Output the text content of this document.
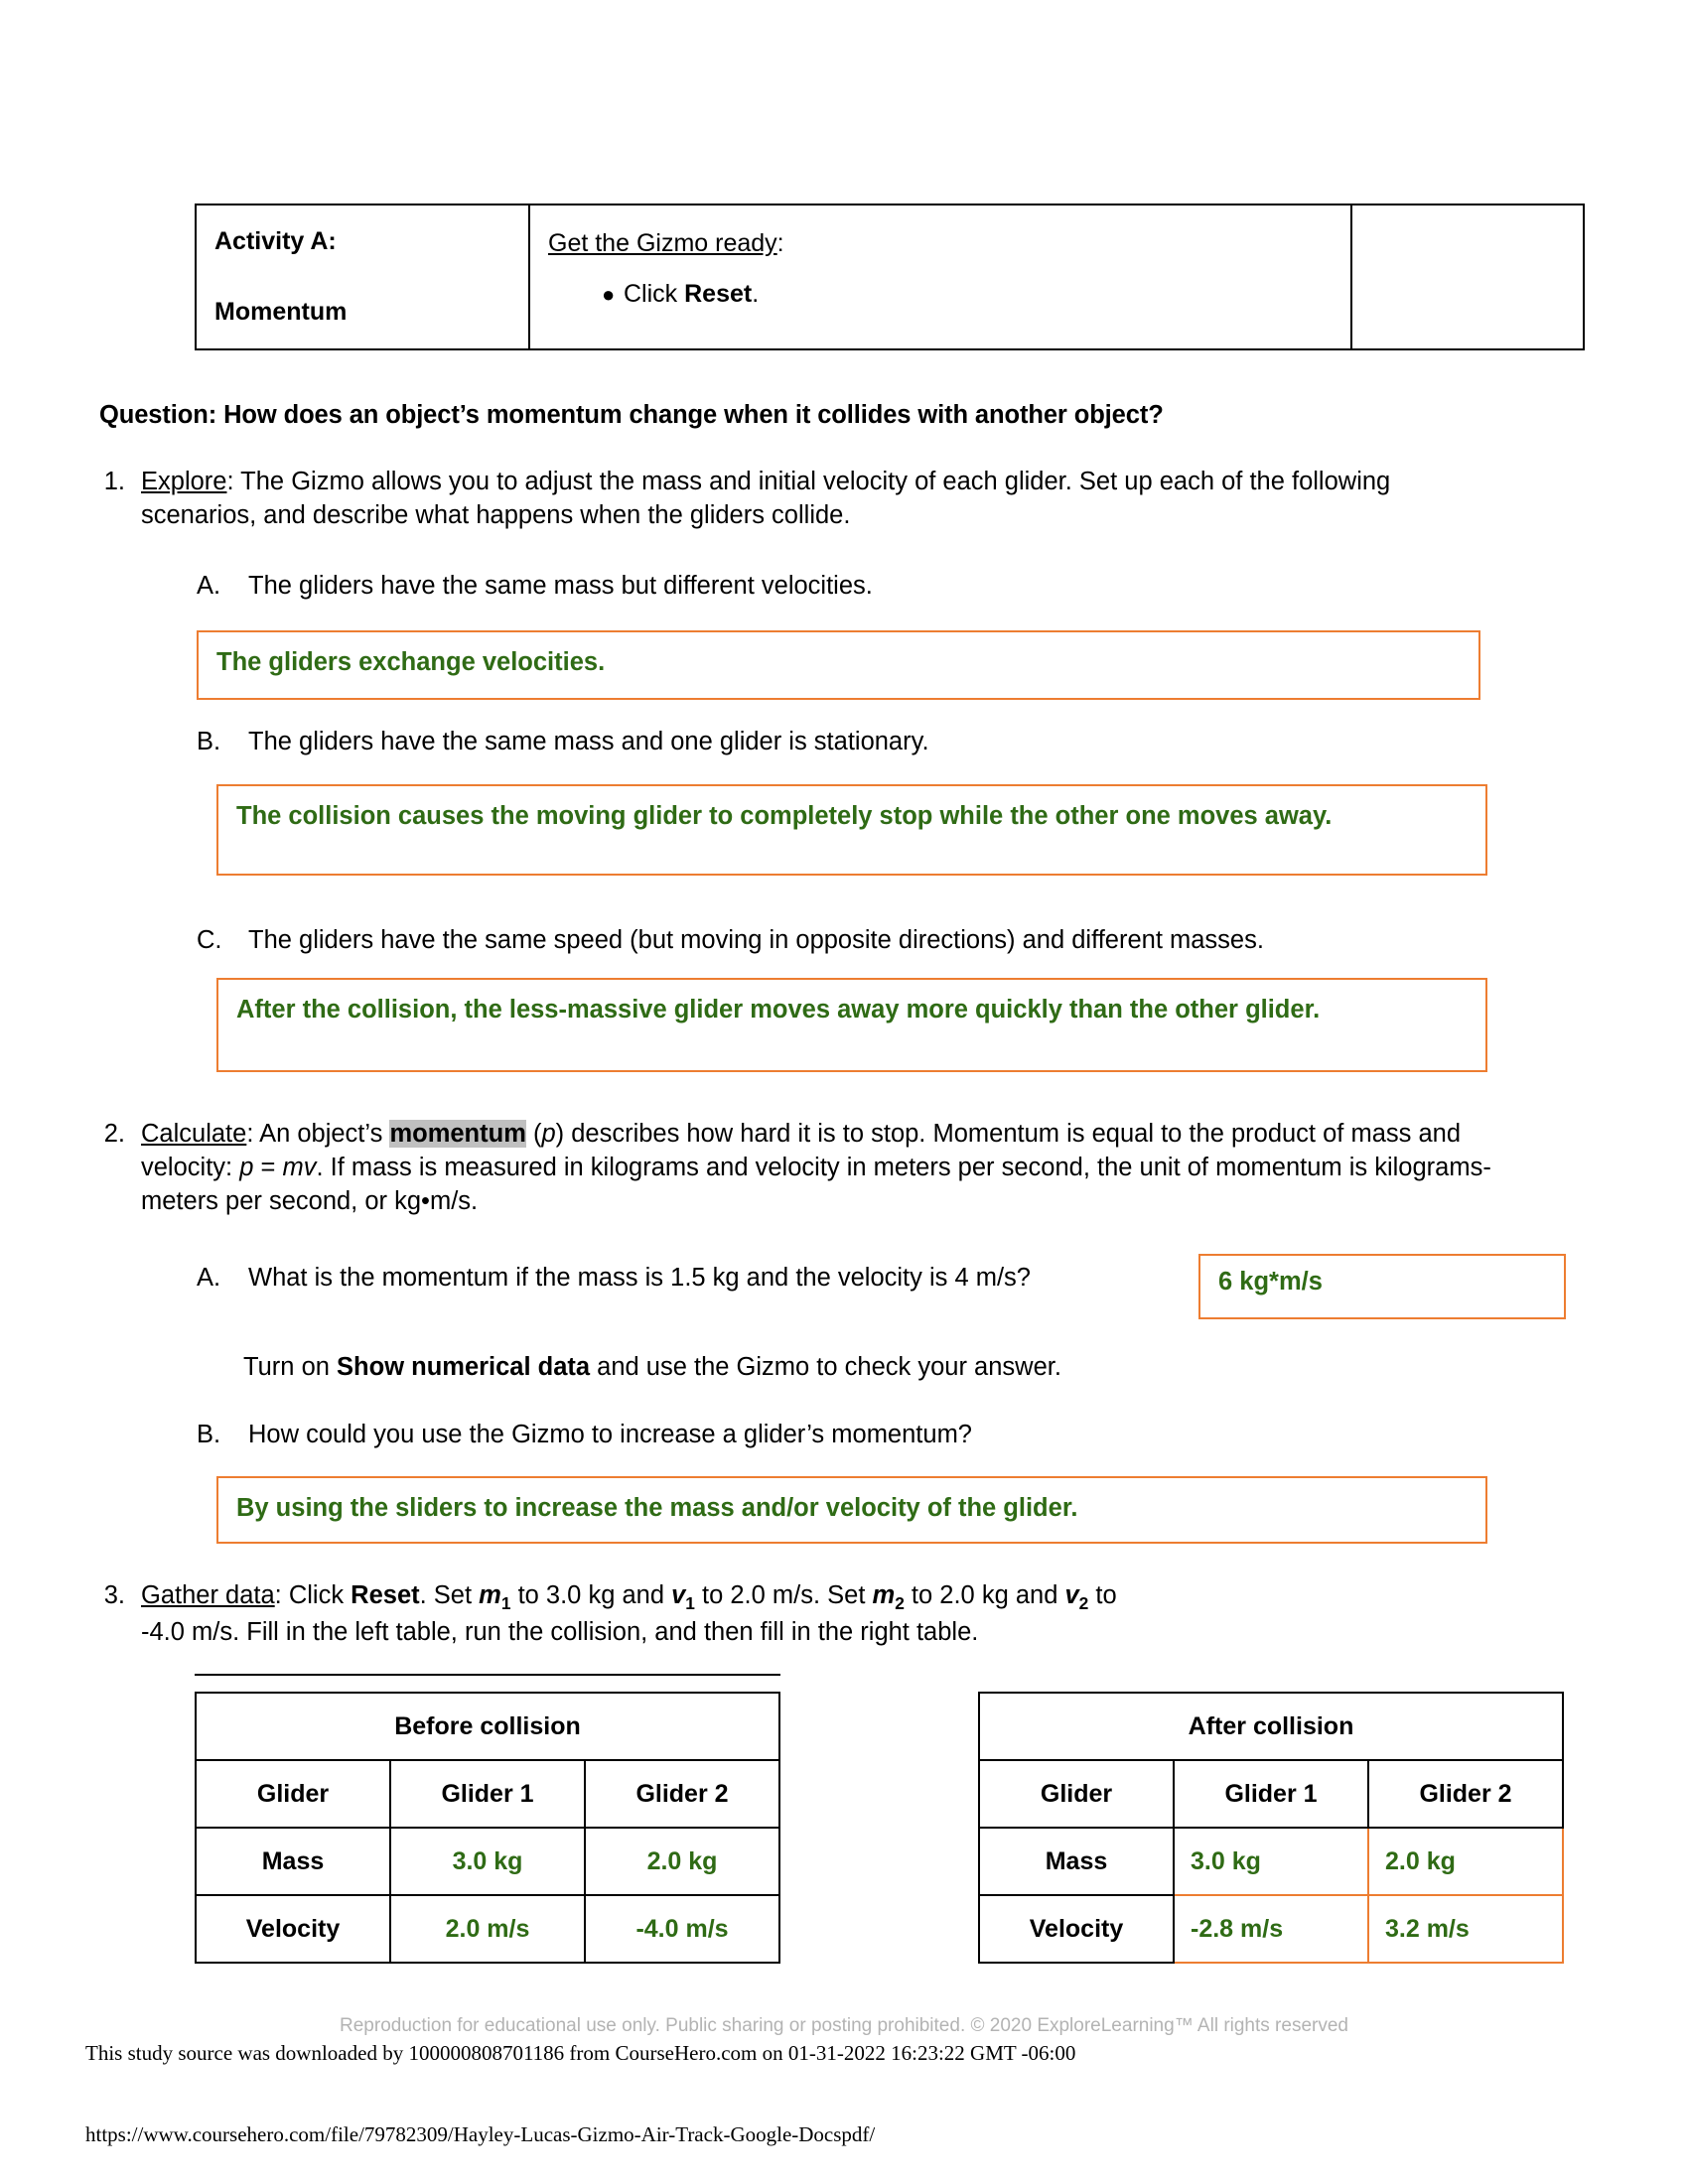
Activity A:
Momentum

Get the Gizmo ready:
● Click Reset.

Question: How does an object’s momentum change when it collides with another object?
1. Explore: The Gizmo allows you to adjust the mass and initial velocity of each glider. Set up each of the following scenarios, and describe what happens when the gliders collide.
A.	The gliders have the same mass but different velocities.
The gliders exchange velocities.
B.	The gliders have the same mass and one glider is stationary.
The collision causes the moving glider to completely stop while the other one moves away.
C.	The gliders have the same speed (but moving in opposite directions) and different masses.
After the collision, the less-massive glider moves away more quickly than the other glider.
2. Calculate: An object’s momentum (p) describes how hard it is to stop. Momentum is equal to the product of mass and velocity: p = mv. If mass is measured in kilograms and velocity in meters per second, the unit of momentum is kilograms-meters per second, or kg•m/s.
A.	What is the momentum if the mass is 1.5 kg and the velocity is 4 m/s?	6 kg*m/s
Turn on Show numerical data and use the Gizmo to check your answer.
B.	How could you use the Gizmo to increase a glider’s momentum?
By using the sliders to increase the mass and/or velocity of the glider.
3. Gather data: Click Reset. Set $m_1$ to 3.0 kg and $v_1$ to 2.0 m/s. Set $m_2$ to 2.0 kg and $v_2$ to
-4.0 m/s. Fill in the left table, run the collision, and then fill in the right table.
Before collision		
Glider	Glider 1	Glider 2
Mass	3.0 kg	2.0 kg
Velocity	2.0 m/s	-4.0 m/s
After collision		
Glider	Glider 1	Glider 2
Mass	3.0 kg	2.0 kg
Velocity	-2.8 m/s	3.2 m/s
Reproduction for educational use only. Public sharing or posting prohibited. © 2020 ExploreLearning™ All rights reserved
This study source was downloaded by 100000808701186 from CourseHero.com on 01-31-2022 16:23:22 GMT -06:00
https://www.coursehero.com/file/79782309/Hayley-Lucas-Gizmo-Air-Track-Google-Docspdf/
